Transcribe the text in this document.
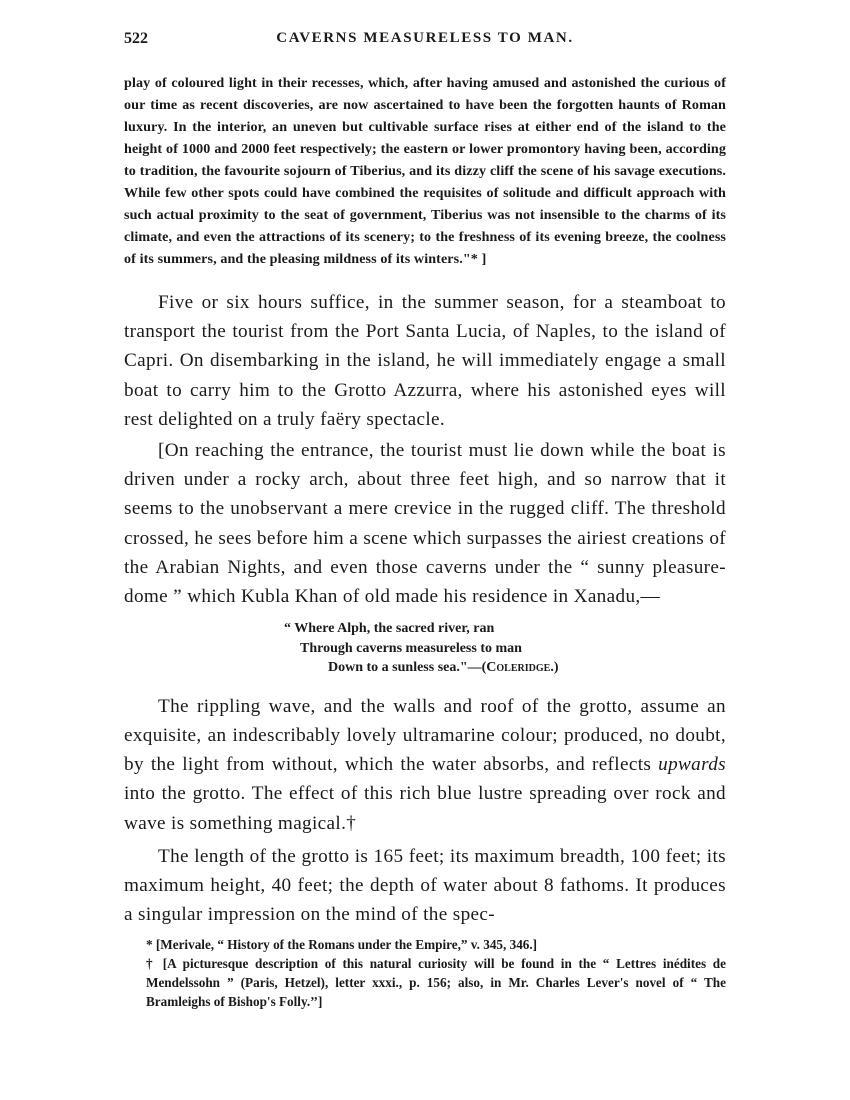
522	CAVERNS MEASURELESS TO MAN.

play of coloured light in their recesses, which, after having amused and astonished the curious of our time as recent discoveries, are now ascertained to have been the forgotten haunts of Roman luxury. In the interior, an uneven but cultivable surface rises at either end of the island to the height of 1000 and 2000 feet respectively; the eastern or lower promontory having been, according to tradition, the favourite sojourn of Tiberius, and its dizzy cliff the scene of his savage executions. While few other spots could have combined the requisites of solitude and difficult approach with such actual proximity to the seat of government, Tiberius was not insensible to the charms of its climate, and even the attractions of its scenery; to the freshness of its evening breeze, the coolness of its summers, and the pleasing mildness of its winters."* ]

Five or six hours suffice, in the summer season, for a steamboat to transport the tourist from the Port Santa Lucia, of Naples, to the island of Capri. On disembarking in the island, he will immediately engage a small boat to carry him to the Grotto Azzurra, where his astonished eyes will rest delighted on a truly faëry spectacle.

[On reaching the entrance, the tourist must lie down while the boat is driven under a rocky arch, about three feet high, and so narrow that it seems to the unobservant a mere crevice in the rugged cliff. The threshold crossed, he sees before him a scene which surpasses the airiest creations of the Arabian Nights, and even those caverns under the “ sunny pleasure-dome ” which Kubla Khan of old made his residence in Xanadu,—

“ Where Alph, the sacred river, ran
Through caverns measureless to man
Down to a sunless sea."—(Coleridge.)

The rippling wave, and the walls and roof of the grotto, assume an exquisite, an indescribably lovely ultramarine colour; produced, no doubt, by the light from without, which the water absorbs, and reflects upwards into the grotto. The effect of this rich blue lustre spreading over rock and wave is something magical.†

The length of the grotto is 165 feet; its maximum breadth, 100 feet; its maximum height, 40 feet; the depth of water about 8 fathoms. It produces a singular impression on the mind of the spec-

* [Merivale, “ History of the Romans under the Empire,” v. 345, 346.]
† [A picturesque description of this natural curiosity will be found in the “ Lettres inédites de Mendelssohn ” (Paris, Hetzel), letter xxxi., p. 156; also, in Mr. Charles Lever's novel of “ The Bramleighs of Bishop's Folly.’’]
